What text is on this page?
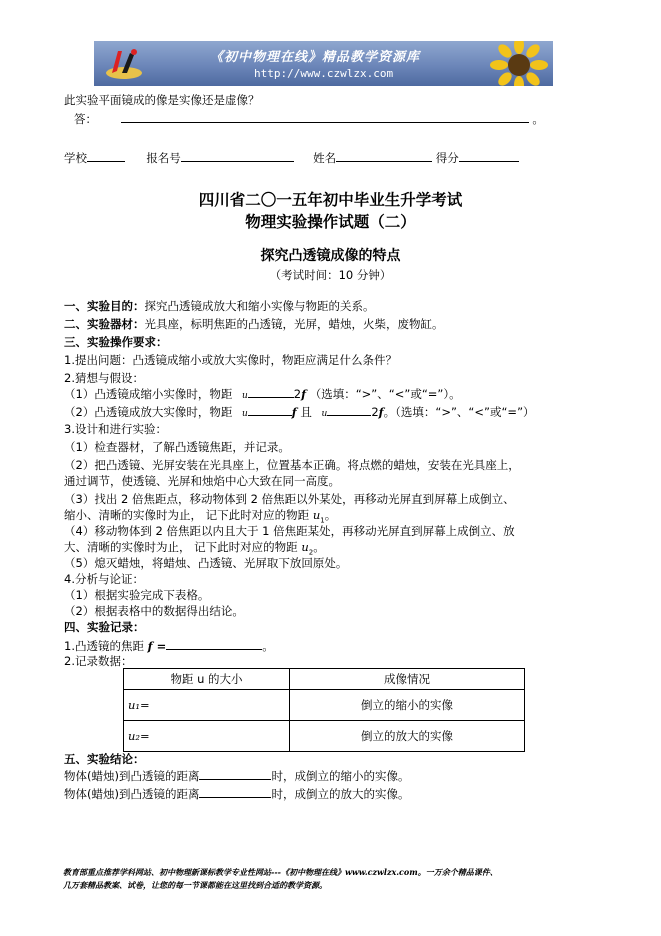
《初中物理在线》精品教学资源库
http://www.czwlzx.com
此实验平面镜成的像是实像还是虚像？
答：	。
学校	报名号	姓名	得分
四川省二〇一五年初中毕业生升学考试
物理实验操作试题（二）
探究凸透镜成像的特点
（考试时间：10 分钟）
一、实验目的：探究凸透镜成放大和缩小实像与物距的关系。
二、实验器材：光具座，标明焦距的凸透镜，光屏，蜡烛，火柴，废物缸。
三、实验操作要求：
1.提出问题：凸透镜成缩小或放大实像时，物距应满足什么条件？
2.猜想与假设：
（1）凸透镜成缩小实像时，物距 u	2f （选填：“>”、“<”或“=”）。
（2）凸透镜成放大实像时，物距 u	f 且 u	2f。（选填：“>”、“<”或“=”）
3.设计和进行实验：
（1）检查器材，了解凸透镜焦距，并记录。
（2）把凸透镜、光屏安装在光具座上，位置基本正确。将点燃的蜡烛，安装在光具座上，
通过调节，使透镜、光屏和烛焰中心大致在同一高度。
（3）找出 2 倍焦距点，移动物体到 2 倍焦距以外某处，再移动光屏直到屏幕上成倒立、
缩小、清晰的实像时为止， 记下此时对应的物距 $u_1$。
（4）移动物体到 2 倍焦距以内且大于 1 倍焦距某处，再移动光屏直到屏幕上成倒立、放
大、清晰的实像时为止， 记下此时对应的物距 $u_2$。
（5）熄灭蜡烛，将蜡烛、凸透镜、光屏取下放回原处。
4.分析与论证：
（1）根据实验完成下表格。
（2）根据表格中的数据得出结论。
四、实验记录：
1.凸透镜的焦距 f =	。
2.记录数据：
物距 u 的大小	成像情况
u₁=	倒立的缩小的实像
u₂=	倒立的放大的实像
五、实验结论：
物体(蜡烛)到凸透镜的距离	时，成倒立的缩小的实像。
物体(蜡烛)到凸透镜的距离	时，成倒立的放大的实像。
教育部重点推荐学科网站、初中物理新课标教学专业性网站---《初中物理在线》www.czwlzx.com。一万余个精品课件、
几万套精品教案、试卷，让您的每一节课都能在这里找到合适的教学资源。
